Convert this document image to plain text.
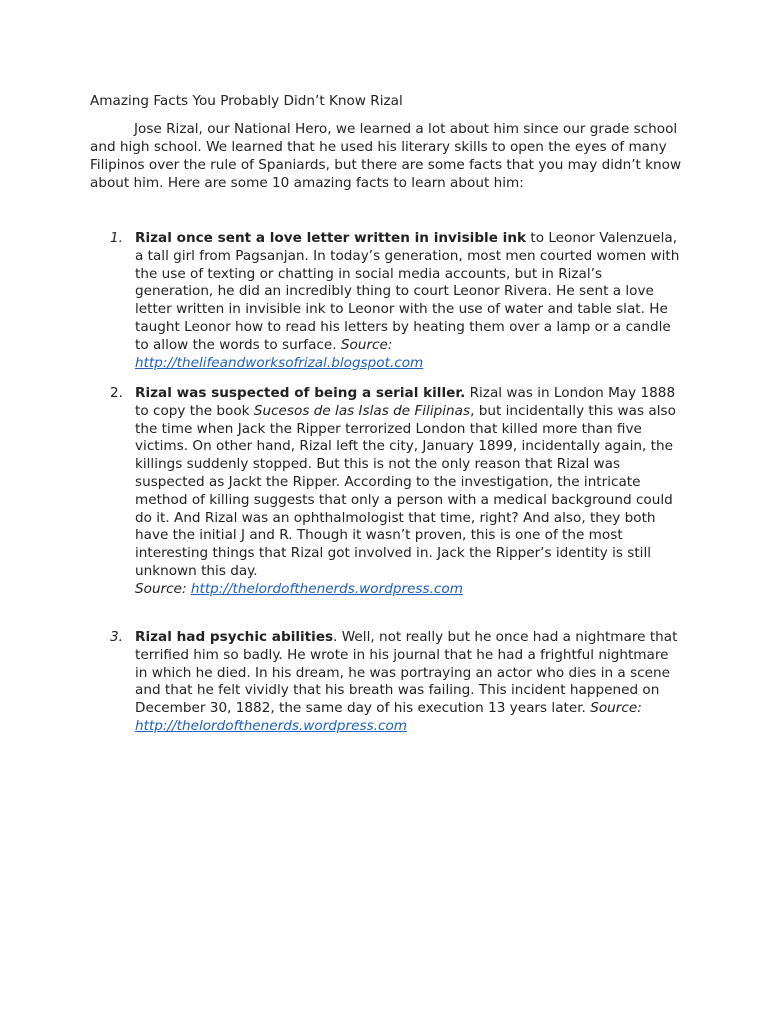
Amazing Facts You Probably Didn’t Know Rizal

Jose Rizal, our National Hero, we learned a lot about him since our grade school and high school. We learned that he used his literary skills to open the eyes of many Filipinos over the rule of Spaniards, but there are some facts that you may didn’t know about him. Here are some 10 amazing facts to learn about him:

1. Rizal once sent a love letter written in invisible ink to Leonor Valenzuela, a tall girl from Pagsanjan. In today’s generation, most men courted women with the use of texting or chatting in social media accounts, but in Rizal’s generation, he did an incredibly thing to court Leonor Rivera. He sent a love letter written in invisible ink to Leonor with the use of water and table slat. He taught Leonor how to read his letters by heating them over a lamp or a candle to allow the words to surface. Source: http://thelifeandworksofrizal.blogspot.com

2. Rizal was suspected of being a serial killer. Rizal was in London May 1888 to copy the book Sucesos de las Islas de Filipinas, but incidentally this was also the time when Jack the Ripper terrorized London that killed more than five victims. On other hand, Rizal left the city, January 1899, incidentally again, the killings suddenly stopped. But this is not the only reason that Rizal was suspected as Jackt the Ripper. According to the investigation, the intricate method of killing suggests that only a person with a medical background could do it. And Rizal was an ophthalmologist that time, right? And also, they both have the initial J and R. Though it wasn’t proven, this is one of the most interesting things that Rizal got involved in. Jack the Ripper’s identity is still unknown this day.
Source: http://thelordofthenerds.wordpress.com

3. Rizal had psychic abilities. Well, not really but he once had a nightmare that terrified him so badly. He wrote in his journal that he had a frightful nightmare in which he died. In his dream, he was portraying an actor who dies in a scene and that he felt vividly that his breath was failing. This incident happened on December 30, 1882, the same day of his execution 13 years later. Source: http://thelordofthenerds.wordpress.com
